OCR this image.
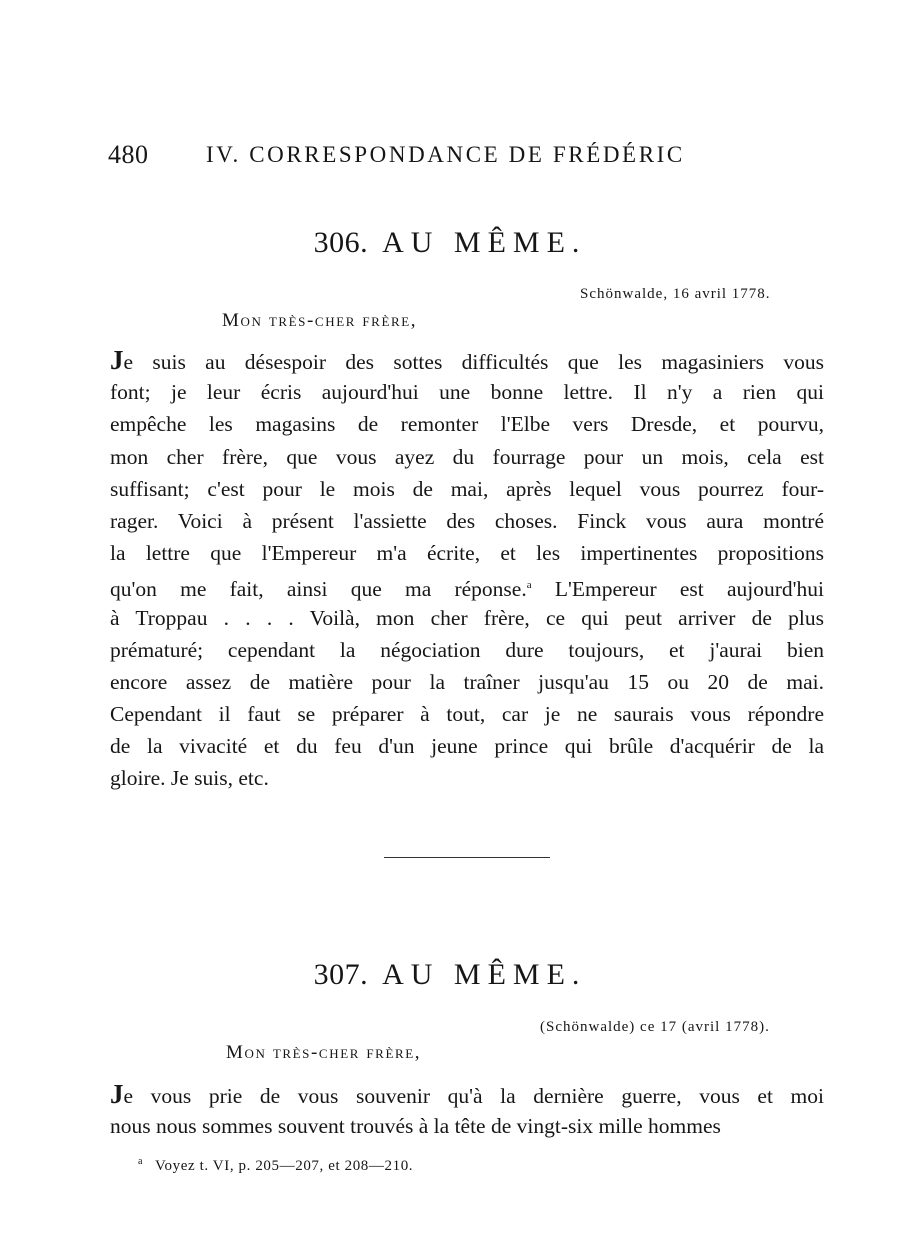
480	IV. CORRESPONDANCE DE FRÉDÉRIC
306. AU MÊME.
Schönwalde, 16 avril 1778.
Mon très-cher frère,
Je suis au désespoir des sottes difficultés que les magasiniers vous
font; je leur écris aujourd'hui une bonne lettre. Il n'y a rien qui
empêche les magasins de remonter l'Elbe vers Dresde, et pourvu,
mon cher frère, que vous ayez du fourrage pour un mois, cela est
suffisant; c'est pour le mois de mai, après lequel vous pourrez four-
rager. Voici à présent l'assiette des choses. Finck vous aura montré
la lettre que l'Empereur m'a écrite, et les impertinentes propositions
qu'on me fait, ainsi que ma réponse.$^a$ L'Empereur est aujourd'hui
à Troppau . . . . Voilà, mon cher frère, ce qui peut arriver de plus
prématuré; cependant la négociation dure toujours, et j'aurai bien
encore assez de matière pour la traîner jusqu'au 15 ou 20 de mai.
Cependant il faut se préparer à tout, car je ne saurais vous répondre
de la vivacité et du feu d'un jeune prince qui brûle d'acquérir de la
gloire. Je suis, etc.
307. AU MÊME.
(Schönwalde) ce 17 (avril 1778).
Mon très-cher frère,
Je vous prie de vous souvenir qu'à la dernière guerre, vous et moi
nous nous sommes souvent trouvés à la tête de vingt-six mille hommes
$^a$ Voyez t. VI, p. 205—207, et 208—210.
